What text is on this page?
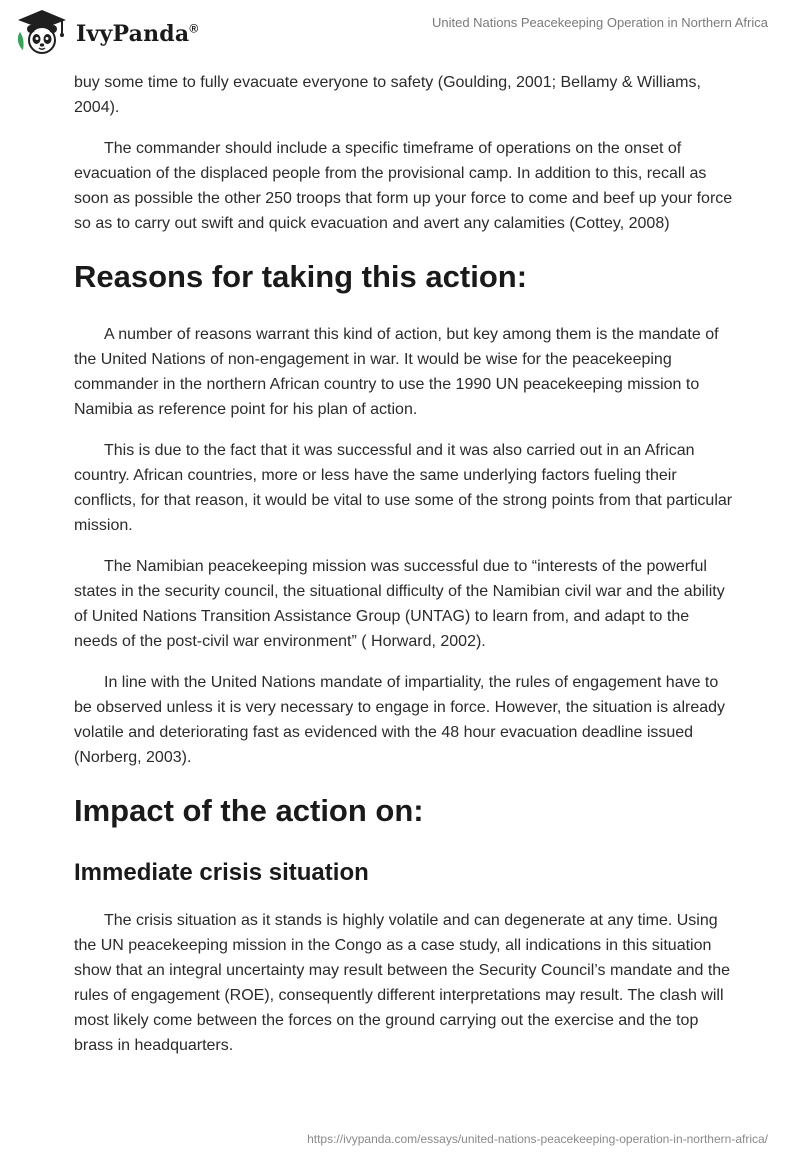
IvyPanda®	United Nations Peacekeeping Operation in Northern Africa

buy some time to fully evacuate everyone to safety (Goulding, 2001; Bellamy & Williams, 2004).

The commander should include a specific timeframe of operations on the onset of evacuation of the displaced people from the provisional camp. In addition to this, recall as soon as possible the other 250 troops that form up your force to come and beef up your force so as to carry out swift and quick evacuation and avert any calamities (Cottey, 2008)

Reasons for taking this action:

A number of reasons warrant this kind of action, but key among them is the mandate of the United Nations of non-engagement in war. It would be wise for the peacekeeping commander in the northern African country to use the 1990 UN peacekeeping mission to Namibia as reference point for his plan of action.

This is due to the fact that it was successful and it was also carried out in an African country. African countries, more or less have the same underlying factors fueling their conflicts, for that reason, it would be vital to use some of the strong points from that particular mission.

The Namibian peacekeeping mission was successful due to “interests of the powerful states in the security council, the situational difficulty of the Namibian civil war and the ability of United Nations Transition Assistance Group (UNTAG) to learn from, and adapt to the needs of the post-civil war environment” ( Horward, 2002).

In line with the United Nations mandate of impartiality, the rules of engagement have to be observed unless it is very necessary to engage in force. However, the situation is already volatile and deteriorating fast as evidenced with the 48 hour evacuation deadline issued (Norberg, 2003).

Impact of the action on:
Immediate crisis situation

The crisis situation as it stands is highly volatile and can degenerate at any time. Using the UN peacekeeping mission in the Congo as a case study, all indications in this situation show that an integral uncertainty may result between the Security Council’s mandate and the rules of engagement (ROE), consequently different interpretations may result. The clash will most likely come between the forces on the ground carrying out the exercise and the top brass in headquarters.

https://ivypanda.com/essays/united-nations-peacekeeping-operation-in-northern-africa/
